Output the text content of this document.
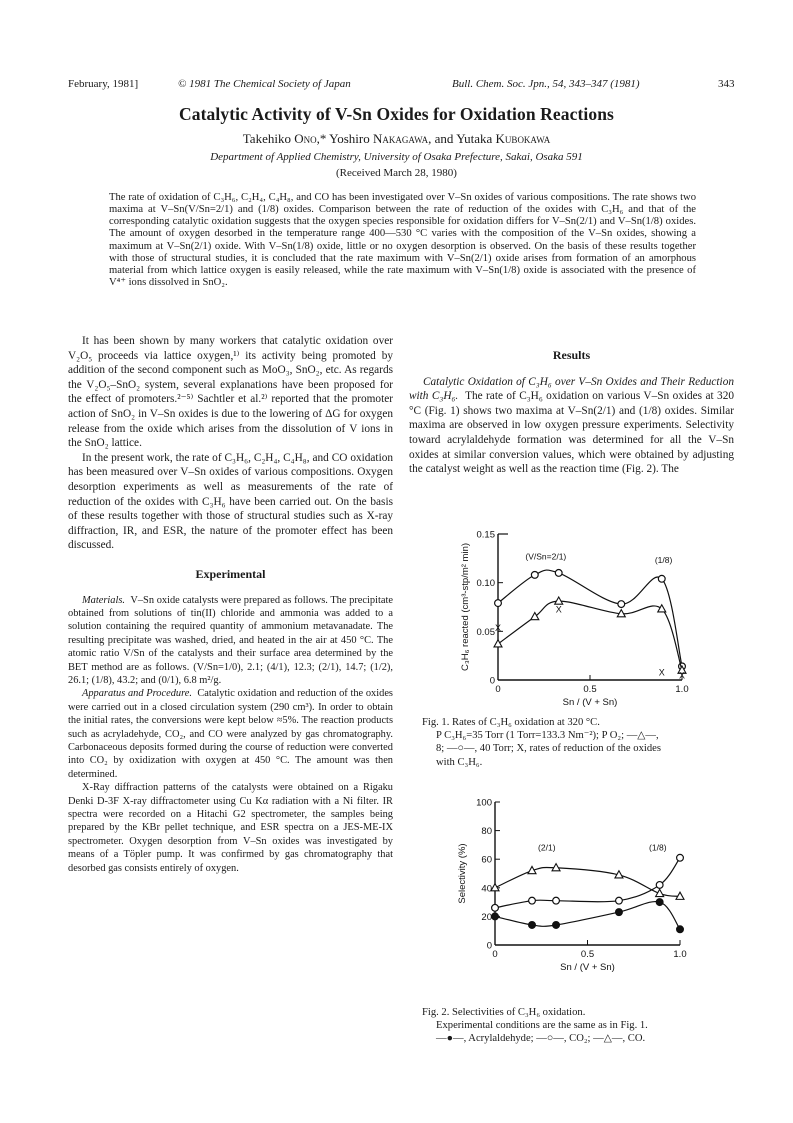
February, 1981]	© 1981 The Chemical Society of Japan	Bull. Chem. Soc. Jpn., 54, 343–347 (1981)	343
Catalytic Activity of V-Sn Oxides for Oxidation Reactions
Takehiko Ono,* Yoshiro Nakagawa, and Yutaka Kubokawa
Department of Applied Chemistry, University of Osaka Prefecture, Sakai, Osaka 591
(Received March 28, 1980)
The rate of oxidation of C₃H₆, C₂H₄, C₄H₈, and CO has been investigated over V–Sn oxides of various compositions. The rate shows two maxima at V–Sn(V/Sn=2/1) and (1/8) oxides. Comparison between the rate of reduction of the oxides with C₃H₆ and that of the corresponding catalytic oxidation suggests that the oxygen species responsible for oxidation differs for V–Sn(2/1) and V–Sn(1/8) oxides. The amount of oxygen desorbed in the temperature range 400—530 °C varies with the composition of the V–Sn oxides, showing a maximum at V–Sn(2/1) oxide. With V–Sn(1/8) oxide, little or no oxygen desorption is observed. On the basis of these results together with those of structural studies, it is concluded that the rate maximum with V–Sn(2/1) oxide arises from formation of an amorphous material from which lattice oxygen is easily released, while the rate maximum with V–Sn(1/8) oxide is associated with the presence of V⁴⁺ ions dissolved in SnO₂.

It has been shown by many workers that catalytic oxidation over V₂O₅ proceeds via lattice oxygen,¹⁾ its activity being promoted by addition of the second component such as MoO₃, SnO₂, etc. As regards the V₂O₅–SnO₂ system, several explanations have been proposed for the effect of promoters.²⁻⁵⁾ Sachtler et al.²⁾ reported that the promoter action of SnO₂ in V–Sn oxides is due to the lowering of ΔG for oxygen release from the oxide which arises from the dissolution of V ions in the SnO₂ lattice.

In the present work, the rate of C₃H₆, C₂H₄, C₄H₈, and CO oxidation has been measured over V–Sn oxides of various compositions. Oxygen desorption experiments as well as measurements of the rate of reduction of the oxides with C₃H₆ have been carried out. On the basis of these results together with those of structural studies such as X-ray diffraction, IR, and ESR, the nature of the promoter effect has been discussed.

Experimental

Materials. V–Sn oxide catalysts were prepared as follows. The precipitate obtained from solutions of tin(II) chloride and ammonia was added to a solution containing the required quantity of ammonium metavanadate. The resulting precipitate was washed, dried, and heated in the air at 450 °C. The atomic ratio V/Sn of the catalysts and their surface area determined by the BET method are as follows. (V/Sn=1/0), 2.1; (4/1), 12.3; (2/1), 14.7; (1/2), 26.1; (1/8), 43.2; and (0/1), 6.8 m²/g.

Apparatus and Procedure. Catalytic oxidation and reduction of the oxides were carried out in a closed circulation system (290 cm³). In order to obtain the initial rates, the conversions were kept below ≈5%. The reaction products such as acryladehyde, CO₂, and CO were analyzed by gas chromatography. Carbonaceous deposits formed during the course of reduction were converted into CO₂ by oxidization with oxygen at 450 °C. The amount was then determined.

X-Ray diffraction patterns of the catalysts were obtained on a Rigaku Denki D-3F X-ray diffractometer using Cu Kα radiation with a Ni filter. IR spectra were recorded on a Hitachi G2 spectrometer, the samples being prepared by the KBr pellet technique, and ESR spectra on a JES-ME-IX spectrometer. Oxygen desorption from V–Sn oxides was investigated by means of a Töpler pump. It was confirmed by gas chromatography that desorbed gas consists entirely of oxygen.

Results

Catalytic Oxidation of C₃H₆ over V–Sn Oxides and Their Reduction with C₃H₆. The rate of C₃H₆ oxidation on various V–Sn oxides at 320 °C (Fig. 1) shows two maxima at V–Sn(2/1) and (1/8) oxides. Similar maxima are observed in low oxygen pressure experiments. Selectivity toward acrylaldehyde formation was determined for all the V–Sn oxides at similar conversion values, which were obtained by adjusting the catalyst weight as well as the reaction time (Fig. 2). The

X
X
X X
0
0.05
0.10
0.15
0	0.5	1.0
Sn / (V + Sn)
C₃H₆ reacted (cm³-stp/m² min)	(V/Sn=2/1)	(1/8)
Fig. 1. Rates of C₃H₆ oxidation at 320 °C.
P C₃H₆=35 Torr (1 Torr=133.3 Nm⁻²); P O₂; —△—,
8; —○—, 40 Torr; X, rates of reduction of the oxides
with C₃H₆.
0
20
40
60
80
100
0	0.5	1.0
Sn / (V + Sn)
Selectivity (%)	(2/1)	(1/8)
Fig. 2. Selectivities of C₃H₆ oxidation.
Experimental conditions are the same as in Fig. 1.
—●—, Acrylaldehyde; —○—, CO₂; —△—, CO.
